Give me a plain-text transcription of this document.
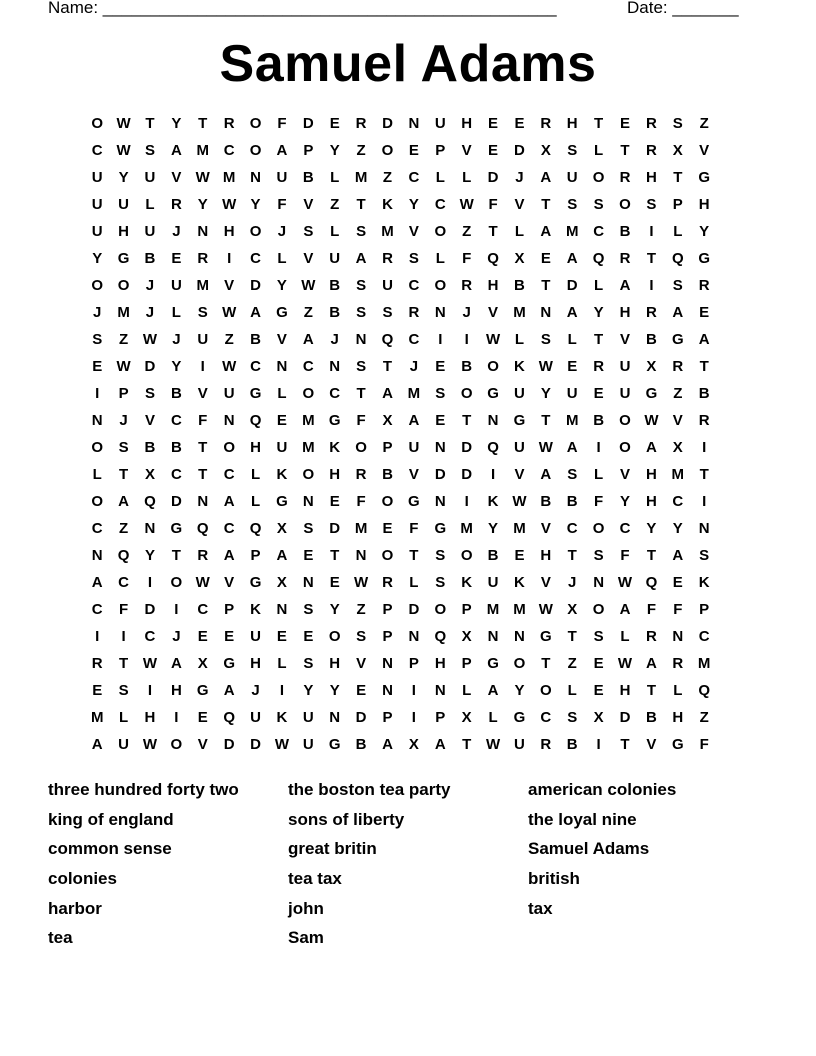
Name: ________________________________________________	Date: _______
Samuel Adams
O W T	Y	T	R	O	F	D	E	R	D	N	U	H	E	E	R	H	T	E	R	S	Z
C W S	A M C	O	A	P	Y	Z	O	E	P	V	E	D	X	S	L	T	R	X	V
U	Y	U	V W M N	U	B	L	M	Z	C	L	L	D	J	A	U	O	R	H	T	G
U	U	L	R	Y W Y	F	V	Z	T	K	Y	C W F	V	T	S	S	O	S	P	H
U	H	U	J	N	H	O	J	S	L	S	M	V	O	Z	T	L	A M C	B	I	L	Y
Y	G	B	E	R	I	C	L	V	U	A	R	S	L	F	Q	X	E	A	Q	R	T	Q G
O O	J	U M	V	D	Y W B	S	U	C	O	R	H	B	T	D	L	A	I	S	R
J	M	J	L	S W A	G	Z	B	S	S	R	N	J	V	M N	A	Y	H	R	A	E
S	Z W	J	U	Z	B	V	A	J	N	Q	C	I	I	W L	S	L	T	V	B	G	A
E W D	Y	I	W C	N	C	N	S	T	J	E	B	O	K W E	R	U	X	R	T
I	P	S	B	V	U	G	L	O	C	T	A M	S	O G	U	Y	U	E	U	G	Z	B
N	J	V	C	F	N	Q	E	M G	F	X	A	E	T	N	G	T	M B	O W V	R
O	S	B	B	T	O	H	U M K	O	P	U	N	D	Q	U W A	I	O	A	X	I
L	T	X	C	T	C	L	K	O	H	R	B	V	D	D	I	V	A	S	L	V	H M	T
O	A	Q	D	N	A	L	G	N	E	F	O G	N	I	K W B	B	F	Y	H	C	I
C	Z	N	G Q	C	Q	X	S	D M	E	F	G M	Y	M	V	C	O	C	Y	Y	N
N	Q	Y	T	R	A	P	A	E	T	N	O	T	S	O	B	E	H	T	S	F	T	A	S
A	C	I	O W V	G	X	N	E W R	L	S	K	U	K	V	J	N W Q	E	K
C	F	D	I	C	P	K	N	S	Y	Z	P	D	O	P	M M W X	O	A	F	F	P
I	I	C	J	E	E	U	E	E	O	S	P	N	Q	X	N	N	G	T	S	L	R	N	C
R	T W A	X	G	H	L	S	H	V	N	P	H	P	G O	T	Z	E W A	R M
E	S	I	H	G	A	J	I	Y	Y	E	N	I	N	L	A	Y	O	L	E	H	T	L	Q
M	L	H	I	E	Q	U	K	U	N	D	P	I	P	X	L	G	C	S	X	D	B	H	Z
A	U W O	V	D	D W U	G	B	A	X	A	T W U	R	B	I	T	V	G	F
three hundred forty two
king of england
common sense
colonies
harbor
tea
the boston tea party
sons of liberty
great britin
tea tax
john
Sam
american colonies
the loyal nine
Samuel Adams
british
tax
